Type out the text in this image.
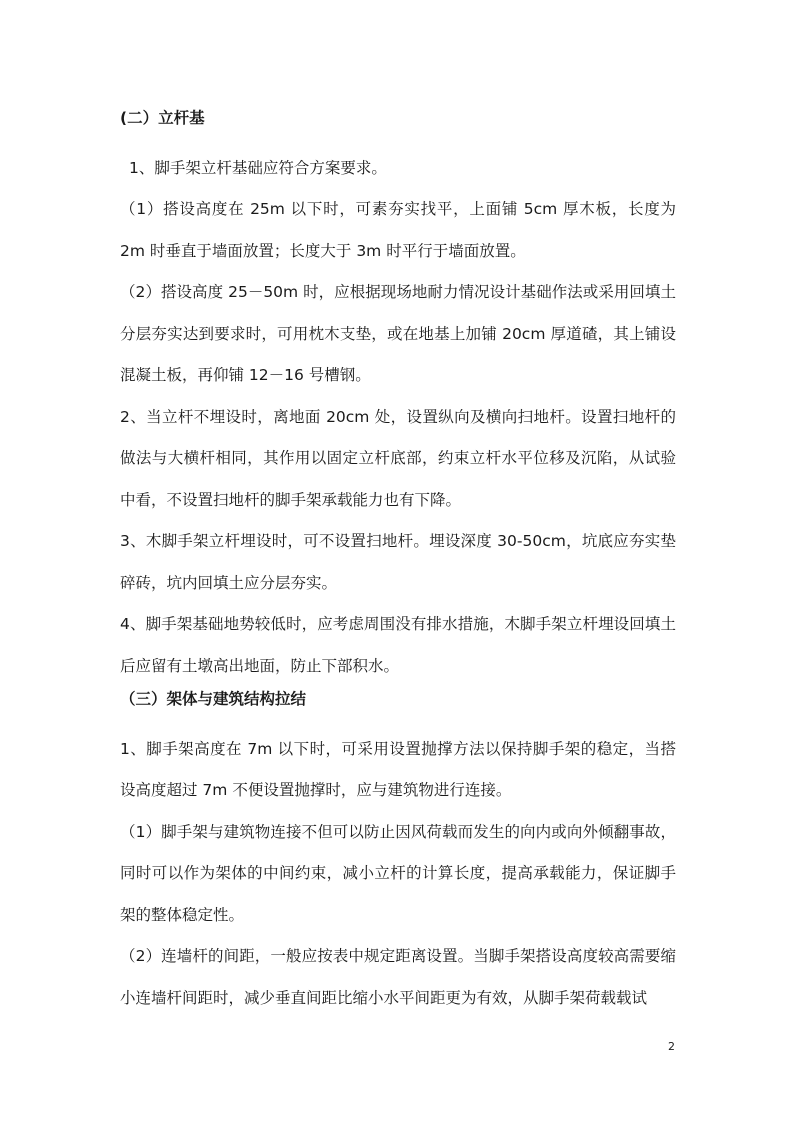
(二）立杆基
1、脚手架立杆基础应符合方案要求。
（1）搭设高度在 25m 以下时，可素夯实找平，上面铺 5cm 厚木板，长度为 2m 时垂直于墙面放置；长度大于 3m 时平行于墙面放置。
（2）搭设高度 25－50m 时，应根据现场地耐力情况设计基础作法或采用回填土分层夯实达到要求时，可用枕木支垫，或在地基上加铺 20cm 厚道碴，其上铺设混凝土板，再仰铺 12－16 号槽钢。
2、当立杆不埋设时，离地面 20cm 处，设置纵向及横向扫地杆。设置扫地杆的做法与大横杆相同，其作用以固定立杆底部，约束立杆水平位移及沉陷，从试验中看，不设置扫地杆的脚手架承载能力也有下降。
3、木脚手架立杆埋设时，可不设置扫地杆。埋设深度 30-50cm，坑底应夯实垫碎砖，坑内回填土应分层夯实。
4、脚手架基础地势较低时，应考虑周围没有排水措施，木脚手架立杆埋设回填土后应留有土墩高出地面，防止下部积水。
（三）架体与建筑结构拉结
1、脚手架高度在 7m 以下时，可采用设置抛撑方法以保持脚手架的稳定，当搭设高度超过 7m 不便设置抛撑时，应与建筑物进行连接。
（1）脚手架与建筑物连接不但可以防止因风荷载而发生的向内或向外倾翻事故，同时可以作为架体的中间约束，减小立杆的计算长度，提高承载能力，保证脚手架的整体稳定性。
（2）连墙杆的间距，一般应按表中规定距离设置。当脚手架搭设高度较高需要缩小连墙杆间距时，减少垂直间距比缩小水平间距更为有效，从脚手架荷载载试
2
